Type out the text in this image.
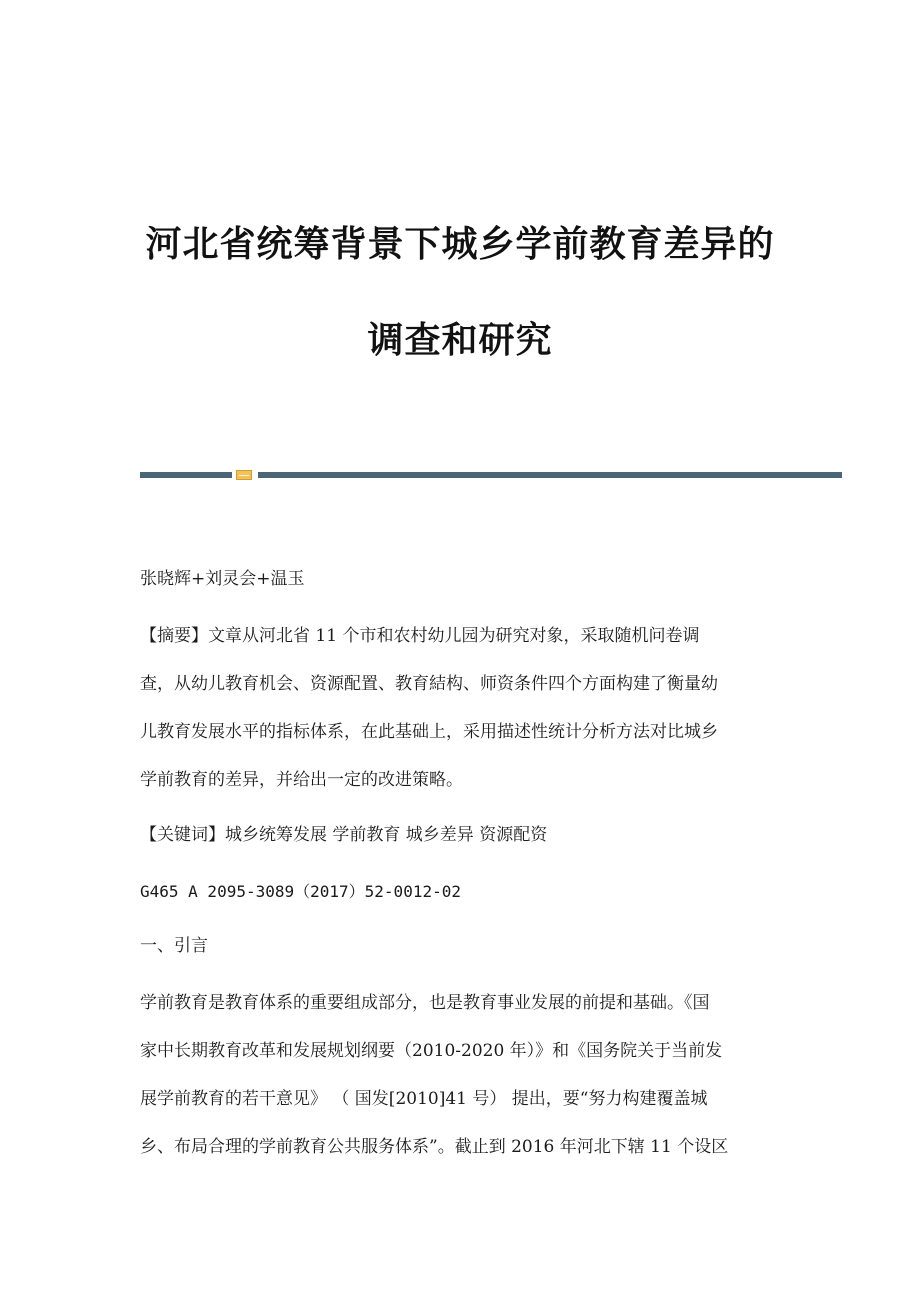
河北省统筹背景下城乡学前教育差异的
调查和研究

张晓辉+刘灵会+温玉

【摘要】文章从河北省 11 个市和农村幼儿园为研究对象，采取随机问卷调
查，从幼儿教育机会、资源配置、教育結构、师资条件四个方面构建了衡量幼
儿教育发展水平的指标体系，在此基础上，采用描述性统计分析方法对比城乡
学前教育的差异，并给出一定的改进策略。

【关键词】城乡统筹发展 学前教育 城乡差异 资源配资

G465 A 2095-3089（2017）52-0012-02

一、引言

学前教育是教育体系的重要组成部分，也是教育事业发展的前提和基础。《国
家中长期教育改革和发展规划纲要（2010-2020 年）》和《国务院关于当前发
展学前教育的若干意见》 （ 国发[2010]41 号） 提出，要“努力构建覆盖城
乡、布局合理的学前教育公共服务体系”。截止到 2016 年河北下辖 11 个设区
